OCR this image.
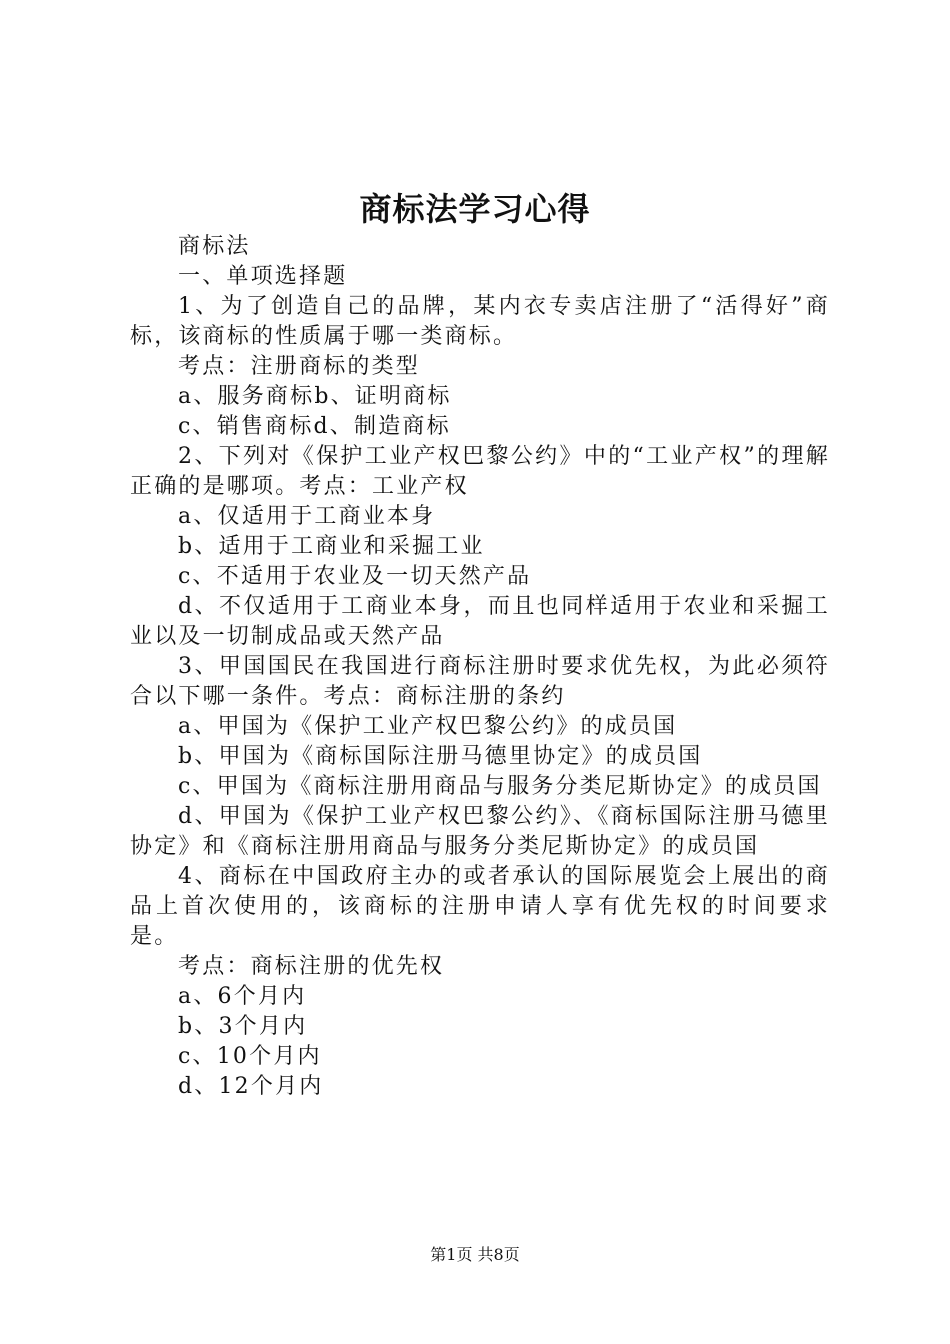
商标法学习心得

商标法

一、单项选择题

1、为了创造自己的品牌，某内衣专卖店注册了“活得好”商标，该商标的性质属于哪一类商标。

考点：注册商标的类型

a、服务商标b、证明商标

c、销售商标d、制造商标

2、下列对《保护工业产权巴黎公约》中的“工业产权”的理解正确的是哪项。考点：工业产权

a、仅适用于工商业本身

b、适用于工商业和采掘工业

c、不适用于农业及一切天然产品

d、不仅适用于工商业本身，而且也同样适用于农业和采掘工业以及一切制成品或天然产品

3、甲国国民在我国进行商标注册时要求优先权，为此必须符合以下哪一条件。考点：商标注册的条约

a、甲国为《保护工业产权巴黎公约》的成员国

b、甲国为《商标国际注册马德里协定》的成员国

c、甲国为《商标注册用商品与服务分类尼斯协定》的成员国

d、甲国为《保护工业产权巴黎公约》、《商标国际注册马德里协定》和《商标注册用商品与服务分类尼斯协定》的成员国

4、商标在中国政府主办的或者承认的国际展览会上展出的商品上首次使用的，该商标的注册申请人享有优先权的时间要求是。

考点：商标注册的优先权

a、6个月内

b、3个月内

c、10个月内

d、12个月内

第1页 共8页
